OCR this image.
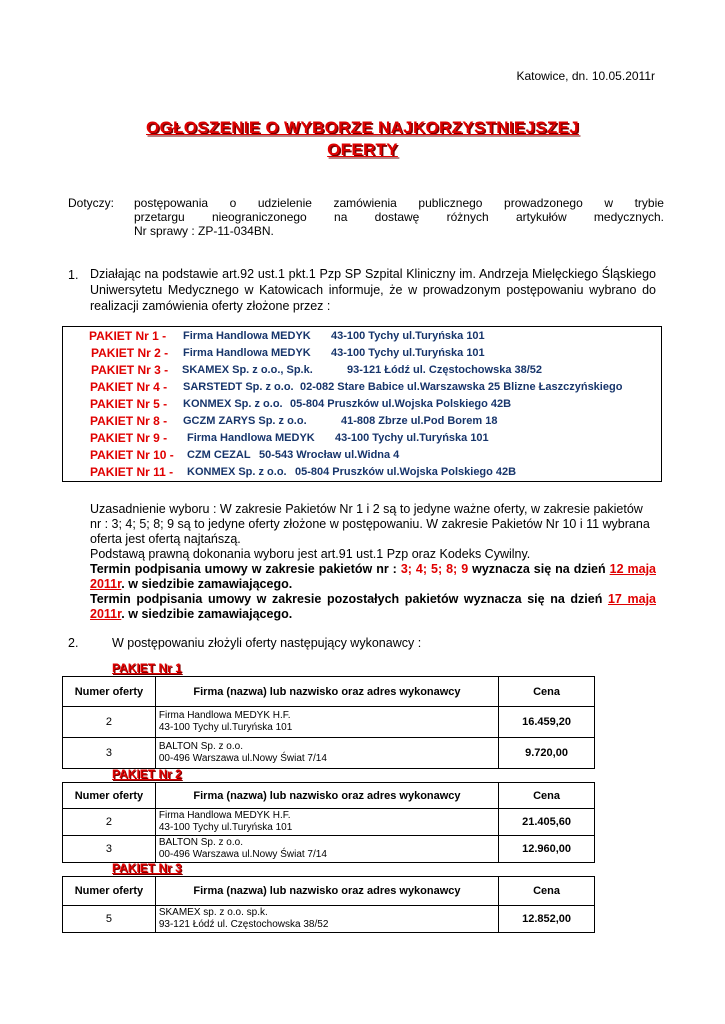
Katowice, dn. 10.05.2011r
OGŁOSZENIE O WYBORZE NAJKORZYSTNIEJSZEJ
OFERTY
Dotyczy: postępowania o udzielenie zamówienia publicznego prowadzonego w trybie
przetargu nieograniczonego na dostawę różnych artykułów medycznych.
Nr sprawy : ZP-11-034BN.
1. Działając na podstawie art.92 ust.1 pkt.1 Pzp SP Szpital Kliniczny im. Andrzeja Mielęckiego Śląskiego Uniwersytetu Medycznego w Katowicach informuje, że w prowadzonym postępowaniu wybrano do realizacji zamówienia oferty złożone przez :
PAKIET Nr 1 - Firma Handlowa MEDYK 43-100 Tychy ul.Turyńska 101
PAKIET Nr 2 - Firma Handlowa MEDYK 43-100 Tychy ul.Turyńska 101
PAKIET Nr 3 - SKAMEX Sp. z o.o., Sp.k.	93-121 Łódź ul. Częstochowska 38/52
PAKIET Nr 4 - SARSTEDT Sp. z o.o. 02-082 Stare Babice ul.Warszawska 25 Blizne Łaszczyńskiego
PAKIET Nr 5 - KONMEX Sp. z o.o. 05-804 Pruszków ul.Wojska Polskiego 42B
PAKIET Nr 8 - GCZM ZARYS Sp. z o.o.	41-808 Zbrze ul.Pod Borem 18
PAKIET Nr 9 - Firma Handlowa MEDYK 43-100 Tychy ul.Turyńska 101
PAKIET Nr 10 - CZM CEZAL 50-543 Wrocław ul.Widna 4
PAKIET Nr 11 - KONMEX Sp. z o.o. 05-804 Pruszków ul.Wojska Polskiego 42B
Uzasadnienie wyboru : W zakresie Pakietów Nr 1 i 2 są to jedyne ważne oferty, w zakresie pakietów nr : 3; 4; 5; 8; 9 są to jedyne oferty złożone w postępowaniu. W zakresie Pakietów Nr 10 i 11 wybrana oferta jest ofertą najtańszą.
Podstawą prawną dokonania wyboru jest art.91 ust.1 Pzp oraz Kodeks Cywilny.
Termin podpisania umowy w zakresie pakietów nr : 3; 4; 5; 8; 9 wyznacza się na dzień 12 maja 2011r. w siedzibie zamawiającego.
Termin podpisania umowy w zakresie pozostałych pakietów wyznacza się na dzień 17 maja 2011r. w siedzibie zamawiającego.
2.	W postępowaniu złożyli oferty następujący wykonawcy :
PAKIET Nr 1
Numer oferty	Firma (nazwa) lub nazwisko oraz adres wykonawcy	Cena
2	Firma Handlowa MEDYK H.F.
43-100 Tychy ul.Turyńska 101	16.459,20
3	BALTON Sp. z o.o.
00-496 Warszawa ul.Nowy Świat 7/14	9.720,00
PAKIET Nr 2
Numer oferty	Firma (nazwa) lub nazwisko oraz adres wykonawcy	Cena
2	Firma Handlowa MEDYK H.F.
43-100 Tychy ul.Turyńska 101	21.405,60
3	BALTON Sp. z o.o.
00-496 Warszawa ul.Nowy Świat 7/14	12.960,00
PAKIET Nr 3
Numer oferty	Firma (nazwa) lub nazwisko oraz adres wykonawcy	Cena
5	SKAMEX sp. z o.o. sp.k.
93-121 Łódź ul. Częstochowska 38/52	12.852,00
